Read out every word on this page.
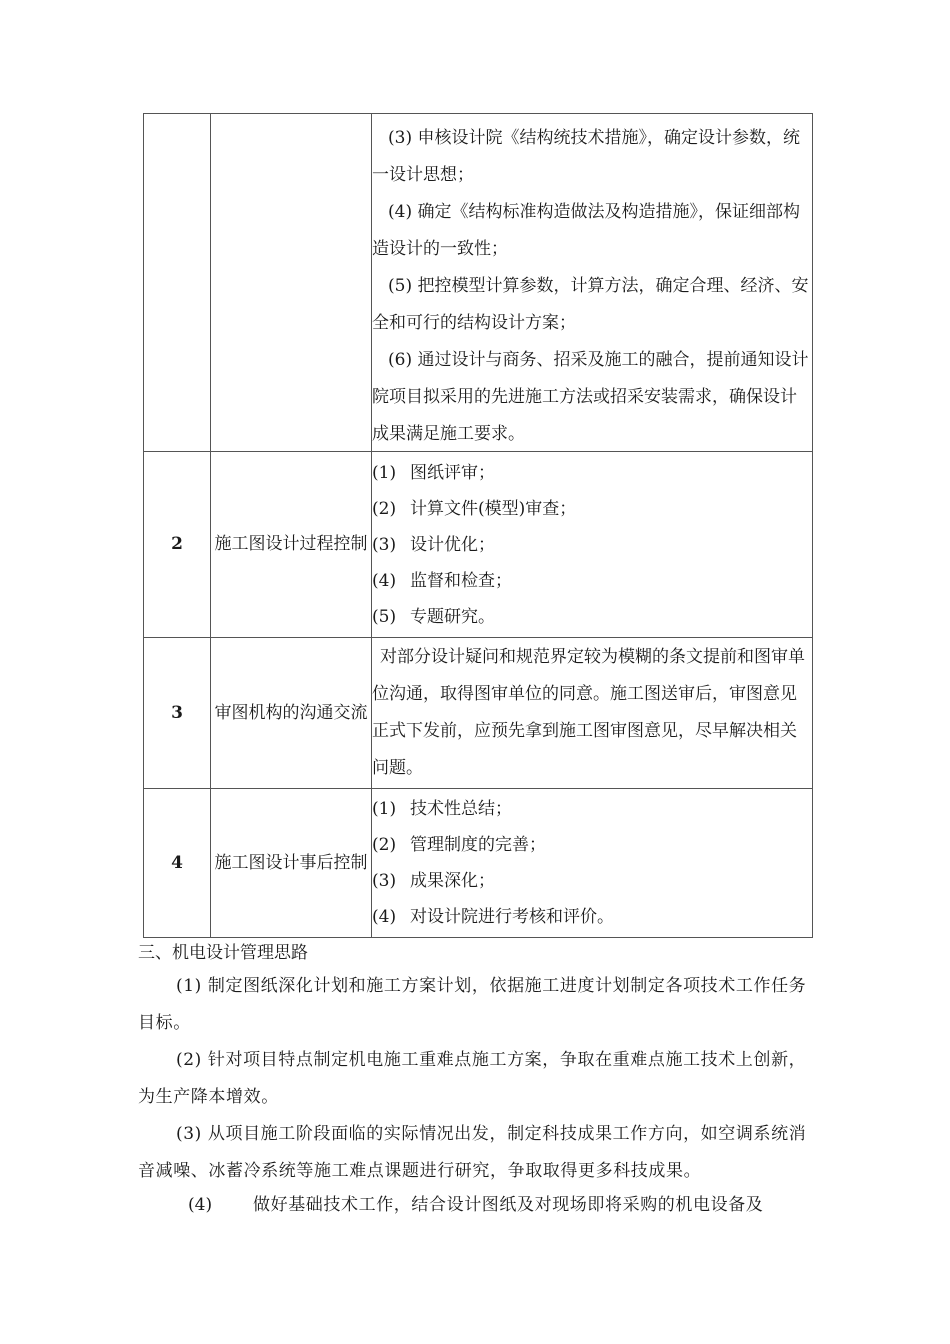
		(3) 申核设计院《结构统技术措施》，确定设计参数，统一设计思想；

(4) 确定《结构标准构造做法及构造措施》，保证细部构造设计的一致性；

(5) 把控模型计算参数，计算方法，确定合理、经济、安全和可行的结构设计方案；

(6) 通过设计与商务、招采及施工的融合，提前通知设计院项目拟采用的先进施工方法或招采安装需求，确保设计成果满足施工要求。

2	施工图设计过程控制	(1) 图纸评审；

(2) 计算文件(模型)审查；

(3) 设计优化；

(4) 监督和检查；

(5) 专题研究。

3	审图机构的沟通交流	对部分设计疑问和规范界定较为模糊的条文提前和图审单位沟通，取得图审单位的同意。施工图送审后，审图意见正式下发前，应预先拿到施工图审图意见，尽早解决相关问题。

4	施工图设计事后控制	(1) 技术性总结；

(2) 管理制度的完善；

(3) 成果深化；

(4) 对设计院进行考核和评价。

三、机电设计管理思路

(1) 制定图纸深化计划和施工方案计划，依据施工进度计划制定各项技术工作任务目标。

(2) 针对项目特点制定机电施工重难点施工方案，争取在重难点施工技术上创新，为生产降本增效。

(3) 从项目施工阶段面临的实际情况出发，制定科技成果工作方向，如空调系统消音减噪、冰蓄冷系统等施工难点课题进行研究，争取取得更多科技成果。

(4) 做好基础技术工作，结合设计图纸及对现场即将采购的机电设备及
